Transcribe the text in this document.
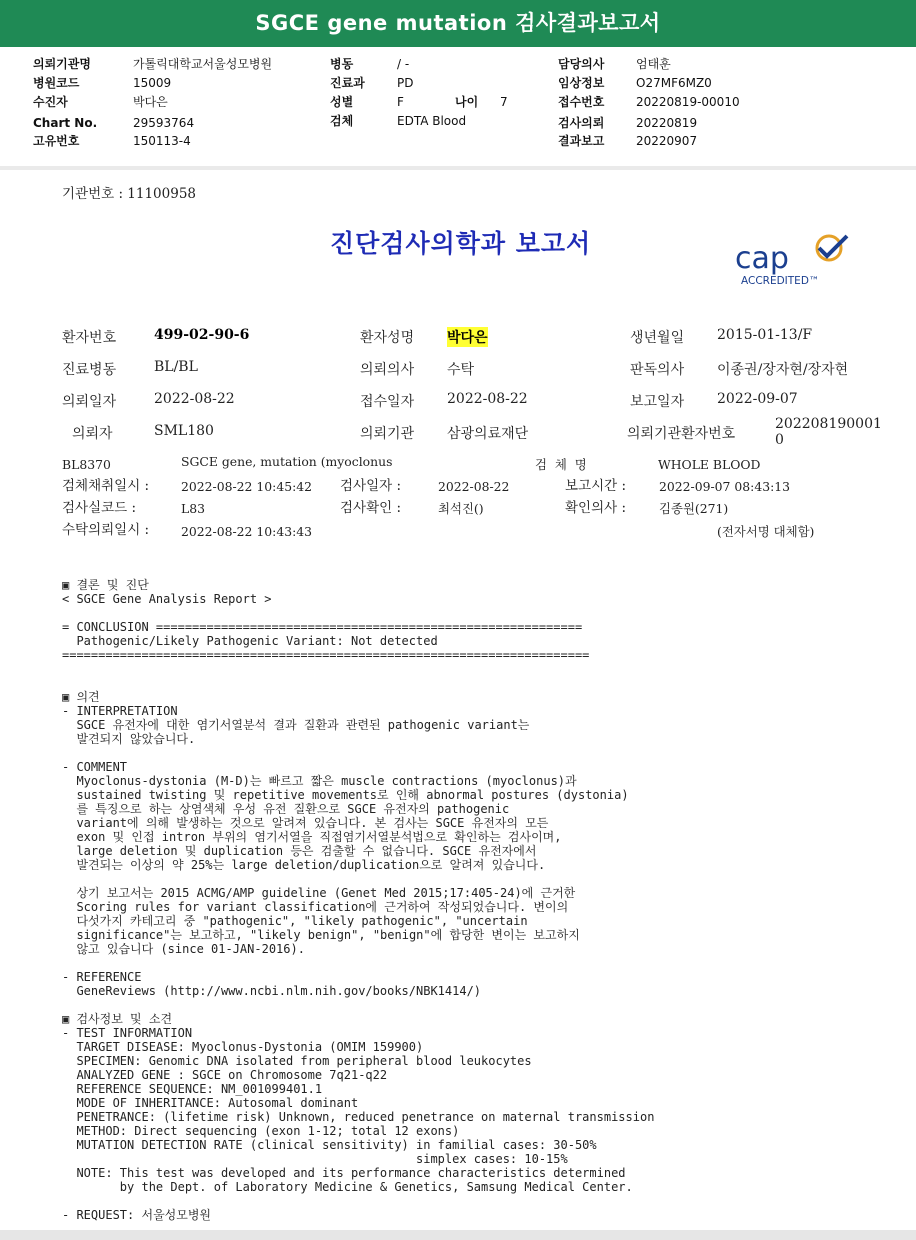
SGCE gene mutation 검사결과보고서
의뢰기관명	가톨릭대학교서울성모병원
병원코드	15009
수진자	박다은
Chart No.	29593764
고유번호	150113-4
병동	/ -
진료과	PD
성별	F	나이 7
검체	EDTA Blood
담당의사	엄태훈
임상정보	O27MF6MZ0
접수번호	20220819-00010
검사의뢰	20220819
결과보고	20220907
기관번호 : 11100958
진단검사의학과 보고서	cap
ACCREDITED™
환자번호	499-02-90-6	환자성명 박다은	생년월일 2015-01-13/F
진료병동	BL/BL	의뢰의사 수탁	판독의사 이종권/장자현/장자현
의뢰일자	2022-08-22	접수일자 2022-08-22	보고일자 2022-09-07
의뢰자	SML180	의뢰기관 삼광의료재단	의뢰기관환자번호
202208190001
0
BL8370	SGCE gene, mutation (myoclonus	검  체  명	WHOLE BLOOD
검체채취일시 :	2022-08-22 10:45:42 검사일자 :	2022-08-22	보고시간 :	2022-09-07 08:43:13
검사실코드 :	L83	검사확인 :	최석진()	확인의사 :	김종원(271)
수탁의뢰일시 :	2022-08-22 10:43:43	(전자서명 대체함)
▣ 결론 및 진단
< SGCE Gene Analysis Report >
= CONCLUSION ===========================================================
Pathogenic/Likely Pathogenic Variant: Not detected
=========================================================================
▣ 의견
- INTERPRETATION
SGCE 유전자에 대한 염기서열분석 결과 질환과 관련된 pathogenic variant는
발견되지 않았습니다.
- COMMENT
Myoclonus-dystonia (M-D)는 빠르고 짧은 muscle contractions (myoclonus)과
sustained twisting 및 repetitive movements로 인해 abnormal postures (dystonia)
를 특징으로 하는 상염색체 우성 유전 질환으로 SGCE 유전자의 pathogenic
variant에 의해 발생하는 것으로 알려져 있습니다. 본 검사는 SGCE 유전자의 모든
exon 및 인접 intron 부위의 염기서열을 직접염기서열분석법으로 확인하는 검사이며,
large deletion 및 duplication 등은 검출할 수 없습니다. SGCE 유전자에서
발견되는 이상의 약 25%는 large deletion/duplication으로 알려져 있습니다.
상기 보고서는 2015 ACMG/AMP guideline (Genet Med 2015;17:405-24)에 근거한
Scoring rules for variant classification에 근거하여 작성되었습니다. 변이의
다섯가지 카테고리 중 "pathogenic", "likely pathogenic", "uncertain
significance"는 보고하고, "likely benign", "benign"에 합당한 변이는 보고하지
않고 있습니다 (since 01-JAN-2016).
- REFERENCE
GeneReviews (http://www.ncbi.nlm.nih.gov/books/NBK1414/)
▣ 검사정보 및 소견
- TEST INFORMATION
TARGET DISEASE: Myoclonus-Dystonia (OMIM 159900)
SPECIMEN: Genomic DNA isolated from peripheral blood leukocytes
ANALYZED GENE : SGCE on Chromosome 7q21-q22
REFERENCE SEQUENCE: NM_001099401.1
MODE OF INHERITANCE: Autosomal dominant
PENETRANCE: (lifetime risk) Unknown, reduced penetrance on maternal transmission
METHOD: Direct sequencing (exon 1-12; total 12 exons)
MUTATION DETECTION RATE (clinical sensitivity) in familial cases: 30-50%
simplex cases: 10-15%
NOTE: This test was developed and its performance characteristics determined
by the Dept. of Laboratory Medicine & Genetics, Samsung Medical Center.
- REQUEST: 서울성모병원
